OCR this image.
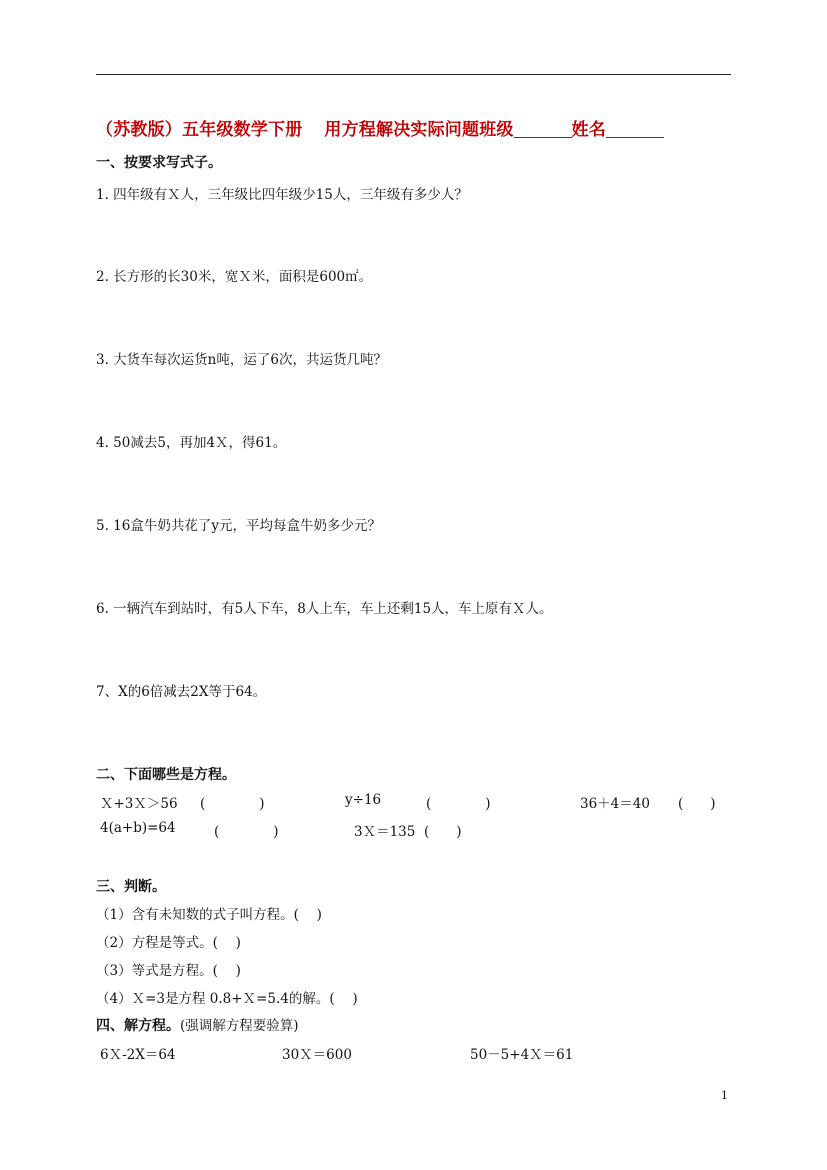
（苏教版）五年级数学下册 用方程解决实际问题班级	姓名
一、按要求写式子。
1. 四年级有Ｘ人，三年级比四年级少15人，三年级有多少人？
2. 长方形的长30米，宽Ｘ米，面积是600㎡。
3. 大货车每次运货n吨，运了6次，共运货几吨？
4. 50减去5，再加4Ｘ，得61。
5. 16盒牛奶共花了y元，平均每盒牛奶多少元？
6. 一辆汽车到站时，有5人下车，8人上车，车上还剩15人，车上原有Ｘ人。
7、X的6倍减去2X等于64。
二、下面哪些是方程。
Ｘ+3Ｘ＞56 (　　　　)	y÷16	(　　　　)	36＋4＝40 (　　)
4(a+b)=64	(　　　　)	3Ｘ＝135 (　　)
三、判断。
（1）含有未知数的式子叫方程。(　 )
（2）方程是等式。(　 )
（3）等式是方程。(　 )
（4）Ｘ=3是方程 0.8+Ｘ=5.4的解。(　 )
四、解方程。(强调解方程要验算)
6Ｘ-2X＝64	30Ｘ＝600	50－5+4Ｘ＝61
1
